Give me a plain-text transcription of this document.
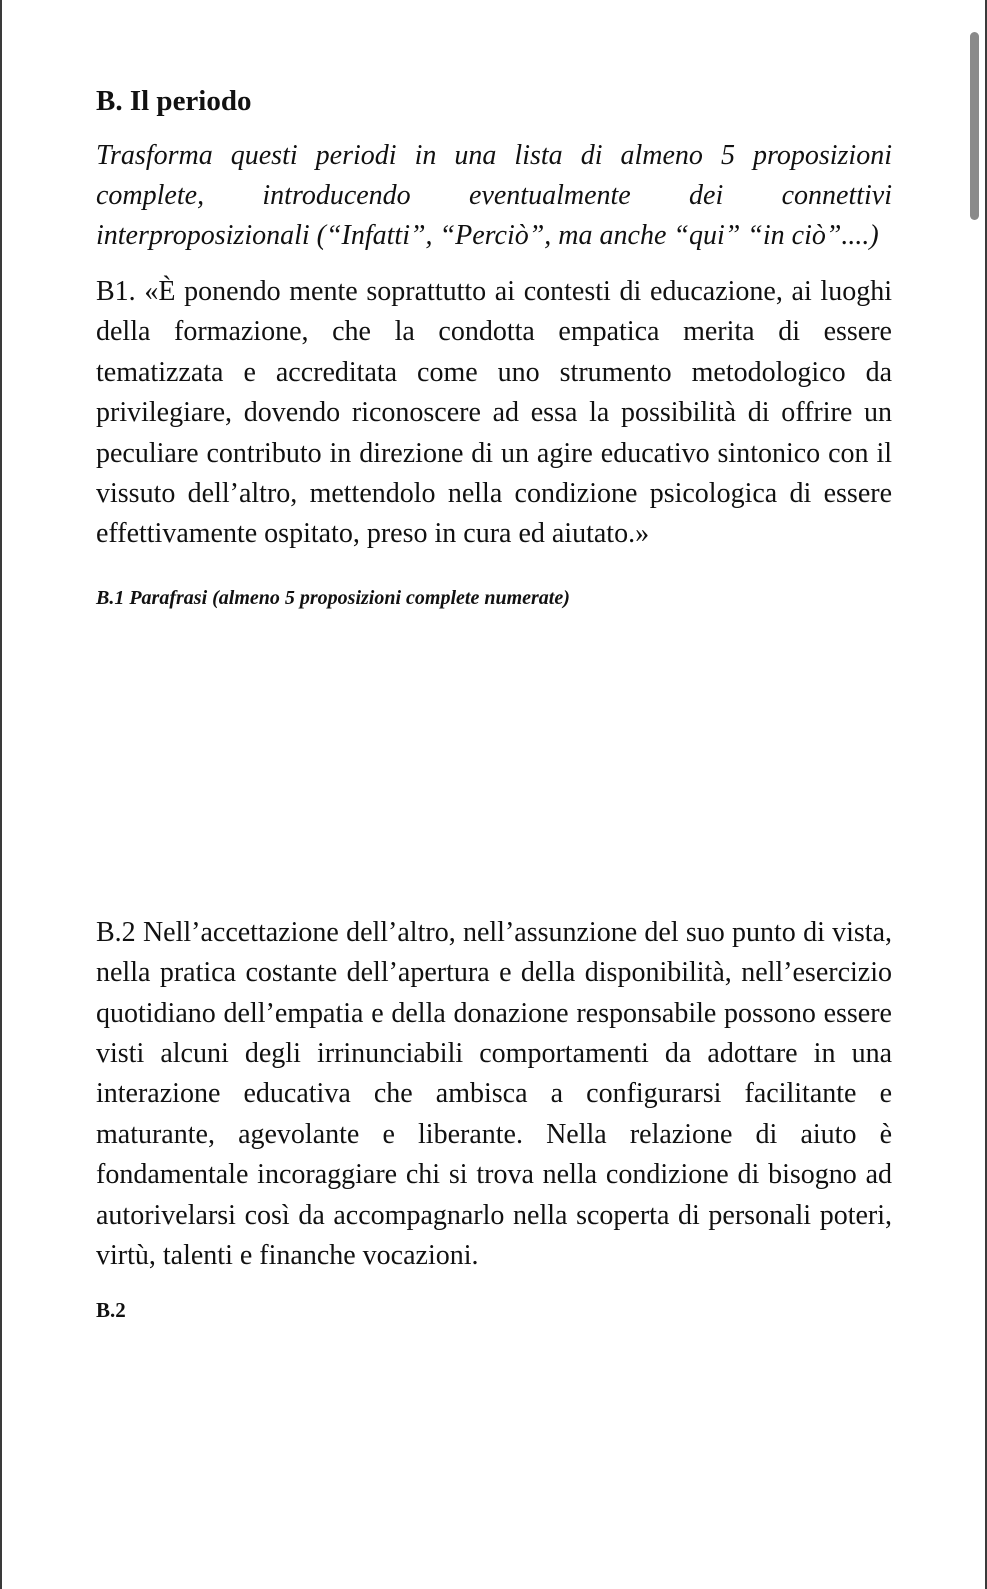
B. Il periodo

Trasforma questi periodi in una lista di almeno 5 proposizioni complete, introducendo eventualmente dei connettivi interproposizionali (“Infatti”, “Perciò”, ma anche “qui” “in ciò”....)

B1. «È ponendo mente soprattutto ai contesti di educazione, ai luoghi della formazione, che la condotta empatica merita di essere tematizzata e accreditata come uno strumento metodologico da privilegiare, dovendo riconoscere ad essa la possibilità di offrire un peculiare contributo in direzione di un agire educativo sintonico con il vissuto dell’altro, mettendolo nella condizione psicologica di essere effettivamente ospitato, preso in cura ed aiutato.»

B.1 Parafrasi (almeno 5 proposizioni complete numerate)

B.2 Nell’accettazione dell’altro, nell’assunzione del suo punto di vista, nella pratica costante dell’apertura e della disponibilità, nell’esercizio quotidiano dell’empatia e della donazione responsabile possono essere visti alcuni degli irrinunciabili comportamenti da adottare in una interazione educativa che ambisca a configurarsi facilitante e maturante, agevolante e liberante. Nella relazione di aiuto è fondamentale incoraggiare chi si trova nella condizione di bisogno ad autorivelarsi così da accompagnarlo nella scoperta di personali poteri, virtù, talenti e finanche vocazioni.

B.2
